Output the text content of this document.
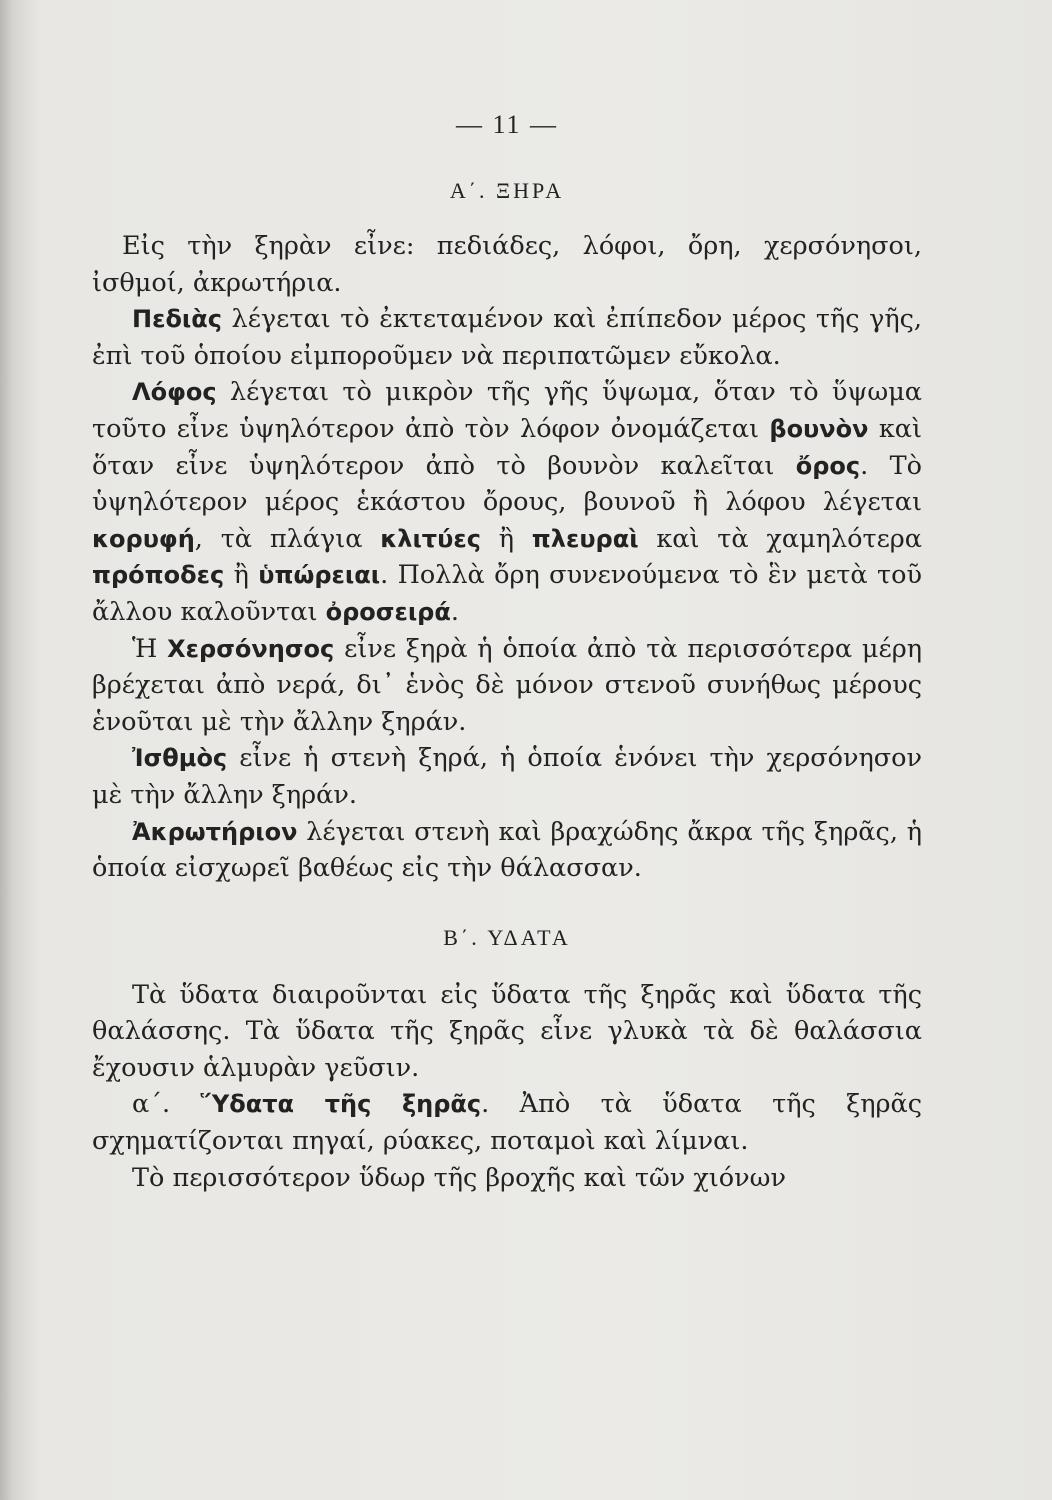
— 11 —
Α΄. ΞΗΡΑ

Εἰς τὴν ξηρὰν εἶνε: πεδιάδες, λόφοι, ὄρη, χερσόνησοι, ἰσθμοί, ἀκρωτήρια.

Πεδιὰς λέγεται τὸ ἐκτεταμένον καὶ ἐπίπεδον μέρος τῆς γῆς, ἐπὶ τοῦ ὁποίου εἰμποροῦμεν νὰ περιπατῶμεν εὔκολα.

Λόφος λέγεται τὸ μικρὸν τῆς γῆς ὕψωμα, ὅταν τὸ ὕψωμα τοῦτο εἶνε ὑψηλότερον ἀπὸ τὸν λόφον ὀνομάζεται βουνὸν καὶ ὅταν εἶνε ὑψηλότερον ἀπὸ τὸ βουνὸν καλεῖται ὄρος. Τὸ ὑψηλότερον μέρος ἑκάστου ὄρους, βουνοῦ ἢ λόφου λέγεται κορυφή, τὰ πλάγια κλιτύες ἢ πλευραὶ καὶ τὰ χαμηλότερα πρόποδες ἢ ὑπώρειαι. Πολλὰ ὄρη συνενούμενα τὸ ἓν μετὰ τοῦ ἄλλου καλοῦνται ὀροσειρά.

Ἡ Χερσόνησος εἶνε ξηρὰ ἡ ὁποία ἀπὸ τὰ περισσότερα μέρη βρέχεται ἀπὸ νερά, δι᾽ ἑνὸς δὲ μόνον στενοῦ συνήθως μέρους ἑνοῦται μὲ τὴν ἄλλην ξηράν.

Ἰσθμὸς εἶνε ἡ στενὴ ξηρά, ἡ ὁποία ἑνόνει τὴν χερσόνησον μὲ τὴν ἄλλην ξηράν.

Ἀκρωτήριον λέγεται στενὴ καὶ βραχώδης ἄκρα τῆς ξηρᾶς, ἡ ὁποία εἰσχωρεῖ βαθέως εἰς τὴν θάλασσαν.

Β΄. ΥΔΑΤΑ

Τὰ ὕδατα διαιροῦνται εἰς ὕδατα τῆς ξηρᾶς καὶ ὕδατα τῆς θαλάσσης. Τὰ ὕδατα τῆς ξηρᾶς εἶνε γλυκὰ τὰ δὲ θαλάσσια ἔχουσιν ἁλμυρὰν γεῦσιν.

α΄. Ὕδατα τῆς ξηρᾶς. Ἀπὸ τὰ ὕδατα τῆς ξηρᾶς σχηματίζονται πηγαί, ρύακες, ποταμοὶ καὶ λίμναι.

Τὸ περισσότερον ὕδωρ τῆς βροχῆς καὶ τῶν χιόνων
